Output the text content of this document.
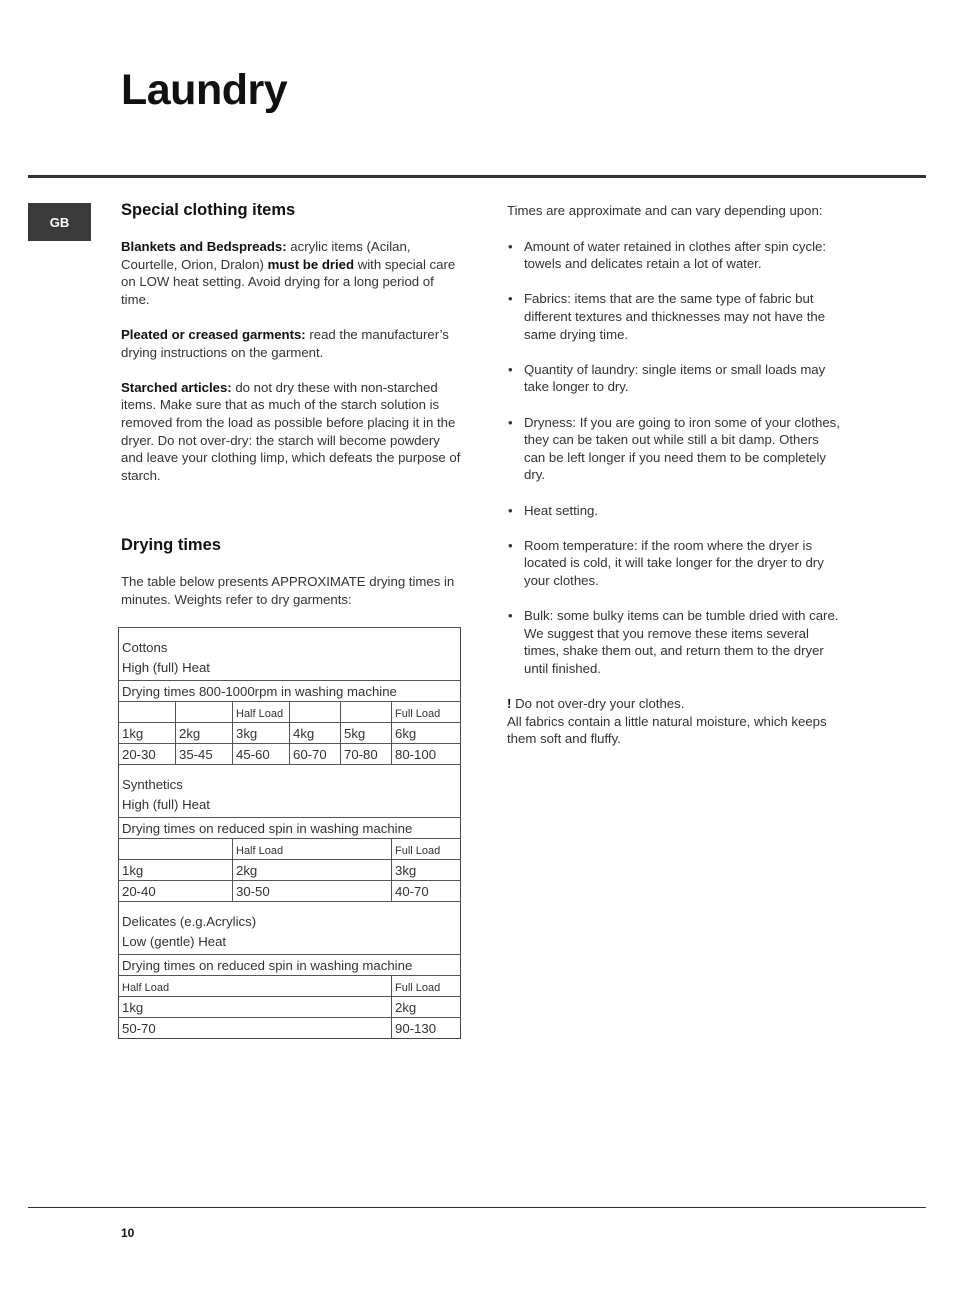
Laundry
GB
Special clothing items

Blankets and Bedspreads: acrylic items (Acilan, Courtelle, Orion, Dralon) must be dried with special care on LOW heat setting. Avoid drying for a long period of time.

Pleated or creased garments: read the manufacturer’s drying instructions on the garment.

Starched articles: do not dry these with non-starched items. Make sure that as much of the starch solution is removed from the load as possible before placing it in the dryer. Do not over-dry: the starch will become powdery and leave your clothing limp, which defeats the purpose of starch.

Drying times

The table below presents APPROXIMATE drying times in minutes. Weights refer to dry garments:

Cottons
High (full) Heat					
Drying times 800-1000rpm in washing machine					
		Half Load			Full Load
1kg	2kg	3kg	4kg	5kg	6kg
20-30	35-45	45-60	60-70	70-80	80-100
Synthetics
High (full) Heat					
Drying times on reduced spin in washing machine					
		Half Load			Full Load
1kg		2kg			3kg
20-40		30-50			40-70
Delicates (e.g.Acrylics)
Low (gentle) Heat					
Drying times on reduced spin in washing machine					
Half Load					Full Load
1kg					2kg
50-70					90-130

Times are approximate and can vary depending upon:

• Amount of water retained in clothes after spin cycle: towels and delicates retain a lot of water.
• Fabrics: items that are the same type of fabric but different textures and thicknesses may not have the same drying time.
• Quantity of laundry: single items or small loads may take longer to dry.
• Dryness: If you are going to iron some of your clothes, they can be taken out while still a bit damp. Others can be left longer if you need them to be completely dry.
• Heat setting.
• Room temperature: if the room where the dryer is located is cold, it will take longer for the dryer to dry your clothes.
• Bulk: some bulky items can be tumble dried with care. We suggest that you remove these items several times, shake them out, and return them to the dryer until finished.

! Do not over-dry your clothes.
All fabrics contain a little natural moisture, which keeps them soft and fluffy.

10
